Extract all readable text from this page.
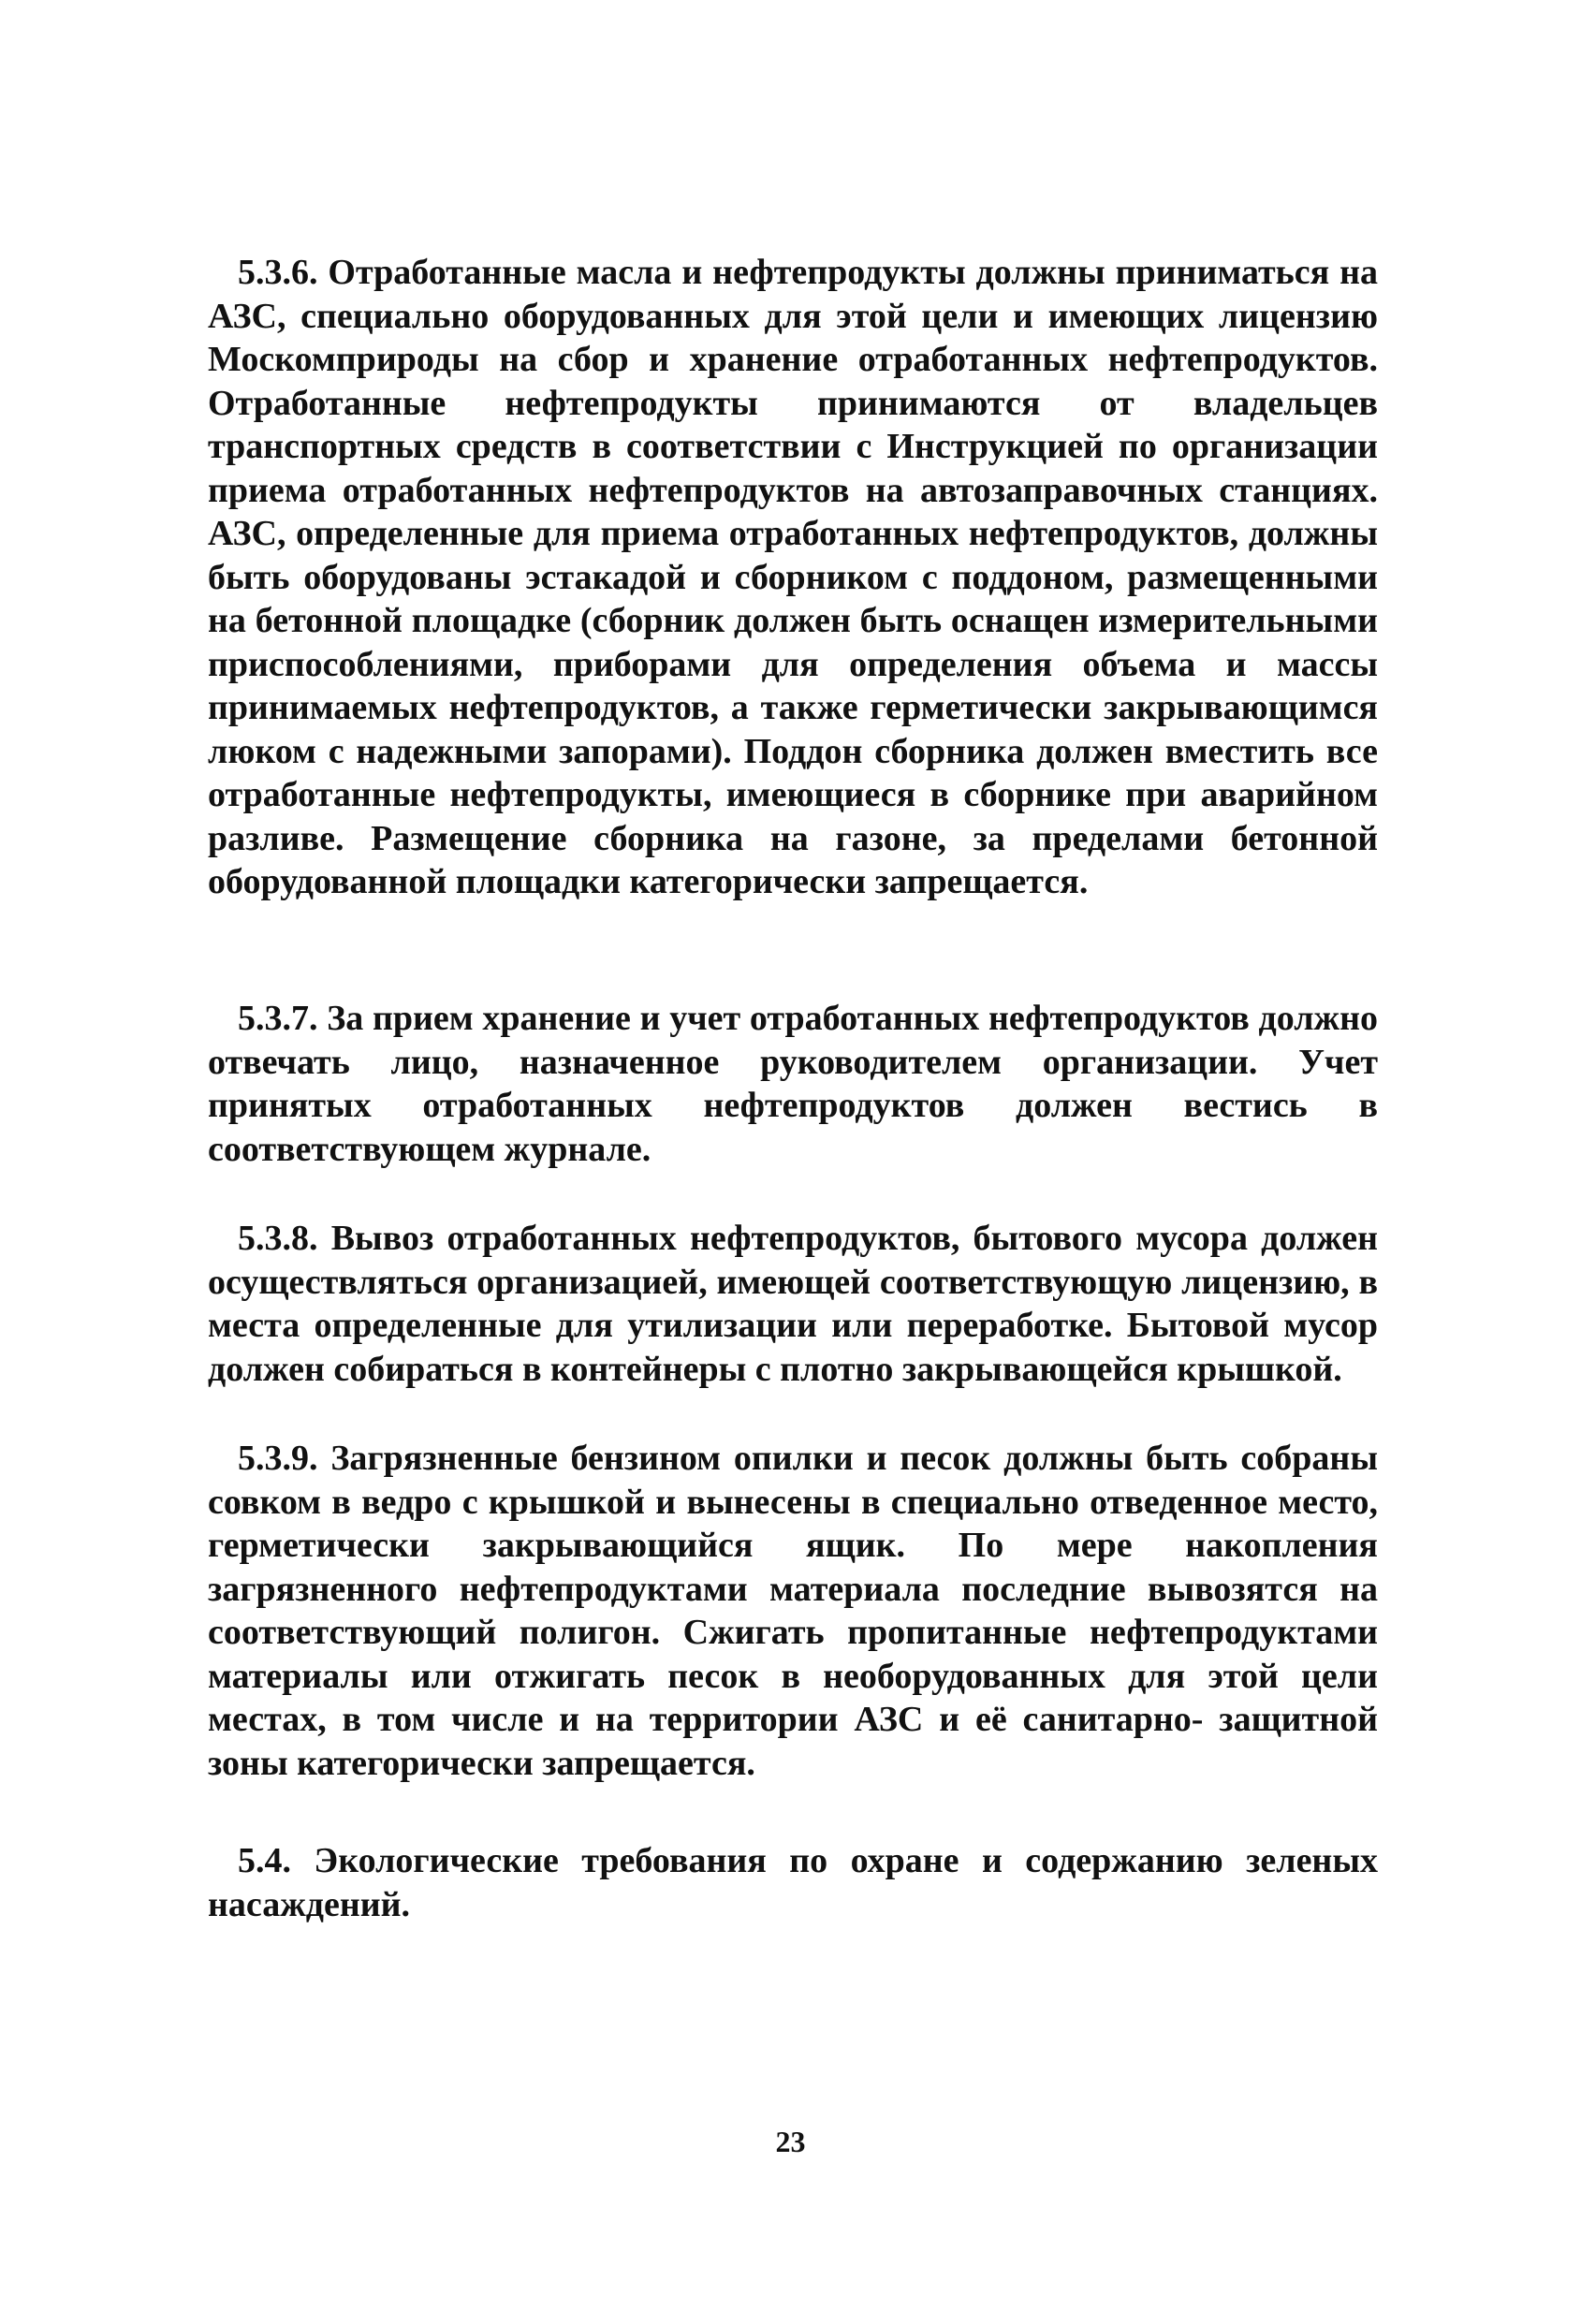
5.3.6. Отработанные масла и нефтепродукты должны приниматься на АЗС, специально оборудованных для этой цели и имеющих лицензию Москомприроды на сбор и хранение отработанных нефтепродуктов. Отработанные нефтепродукты принимаются от владельцев транспортных средств в соответствии с Инструкцией по организации приема отработанных нефтепродуктов на автозаправочных станциях. АЗС, определенные для приема отработанных нефтепродуктов, должны быть оборудованы эстакадой и сборником с поддоном, размещенными на бетонной площадке (сборник должен быть оснащен измерительными приспособлениями, приборами для определения объема и массы принимаемых нефтепродуктов, а также герметически закрывающимся люком с надежными запорами). Поддон сборника должен вместить все отработанные нефтепродукты, имеющиеся в сборнике при аварийном разливе. Размещение сборника на газоне, за пределами бетонной оборудованной площадки категорически запрещается.

5.3.7. За прием хранение и учет отработанных нефтепродуктов должно отвечать лицо, назначенное руководителем организации. Учет принятых отработанных нефтепродуктов должен вестись в соответствующем журнале.

5.3.8. Вывоз отработанных нефтепродуктов, бытового мусора должен осуществляться организацией, имеющей соответствующую лицензию, в места определенные для утилизации или переработке. Бытовой мусор должен собираться в контейнеры с плотно закрывающейся крышкой.

5.3.9. Загрязненные бензином опилки и песок должны быть собраны совком в ведро с крышкой и вынесены в специально отведенное место, герметически закрывающийся ящик. По мере накопления загрязненного нефтепродуктами материала последние вывозятся на соответствующий полигон. Сжигать пропитанные нефтепродуктами материалы или отжигать песок в необорудованных для этой цели местах, в том числе и на территории АЗС и её санитарно- защитной зоны категорически запрещается.

5.4. Экологические требования по охране и содержанию зеленых насаждений.

23
